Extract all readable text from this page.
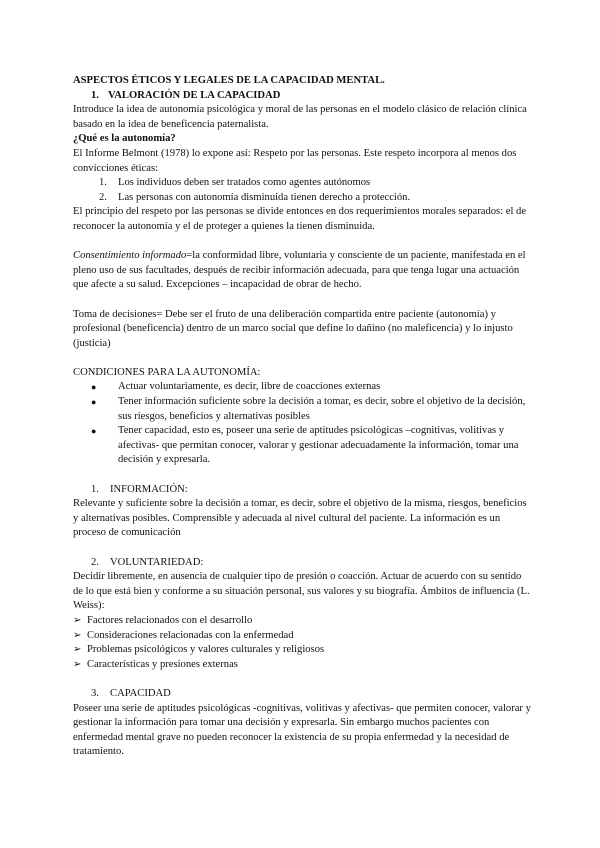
ASPECTOS ÉTICOS Y LEGALES DE LA CAPACIDAD MENTAL.

1. VALORACIÓN DE LA CAPACIDAD

Introduce la idea de autonomía psicológica y moral de las personas en el modelo clásico de relación clínica basado en la idea de beneficencia paternalista.

¿Qué es la autonomía?

El Informe Belmont (1978) lo expone así: Respeto por las personas. Este respeto incorpora al menos dos convicciones éticas:

1. Los individuos deben ser tratados como agentes autónomos
2. Las personas con autonomía disminuida tienen derecho a protección.

El principio del respeto por las personas se divide entonces en dos requerimientos morales separados: el de reconocer la autonomía y el de proteger a quienes la tienen disminuida.

Consentimiento informado=la conformidad libre, voluntaria y consciente de un paciente, manifestada en el pleno uso de sus facultades, después de recibir información adecuada, para que tenga lugar una actuación que afecte a su salud. Excepciones – incapacidad de obrar de hecho.

Toma de decisiones= Debe ser el fruto de una deliberación compartida entre paciente (autonomía) y profesional (beneficencia) dentro de un marco social que define lo dañino (no maleficencia) y lo injusto (justicia)

CONDICIONES PARA LA AUTONOMÍA:

● Actuar voluntariamente, es decir, libre de coacciones externas
● Tener información suficiente sobre la decisión a tomar, es decir, sobre el objetivo de la decisión, sus riesgos, beneficios y alternativas posibles
● Tener capacidad, esto es, poseer una serie de aptitudes psicológicas –cognitivas, volitivas y afectivas- que permitan conocer, valorar y gestionar adecuadamente la información, tomar una decisión y expresarla.

1. INFORMACIÓN:

Relevante y suficiente sobre la decisión a tomar, es decir, sobre el objetivo de la misma, riesgos, beneficios y alternativas posibles. Comprensible y adecuada al nivel cultural del paciente. La información es un proceso de comunicación

2. VOLUNTARIEDAD:

Decidir libremente, en ausencia de cualquier tipo de presión o coacción. Actuar de acuerdo con su sentido de lo que está bien y conforme a su situación personal, sus valores y su biografía. Ámbitos de influencia (L. Weiss):

➢ Factores relacionados con el desarrollo
➢ Consideraciones relacionadas con la enfermedad
➢ Problemas psicológicos y valores culturales y religiosos
➢ Características y presiones externas

3. CAPACIDAD

Poseer una serie de aptitudes psicológicas -cognitivas, volitivas y afectivas- que permiten conocer, valorar y gestionar la información para tomar una decisión y expresarla. Sin embargo muchos pacientes con enfermedad mental grave no pueden reconocer la existencia de su propia enfermedad y la necesidad de tratamiento.
